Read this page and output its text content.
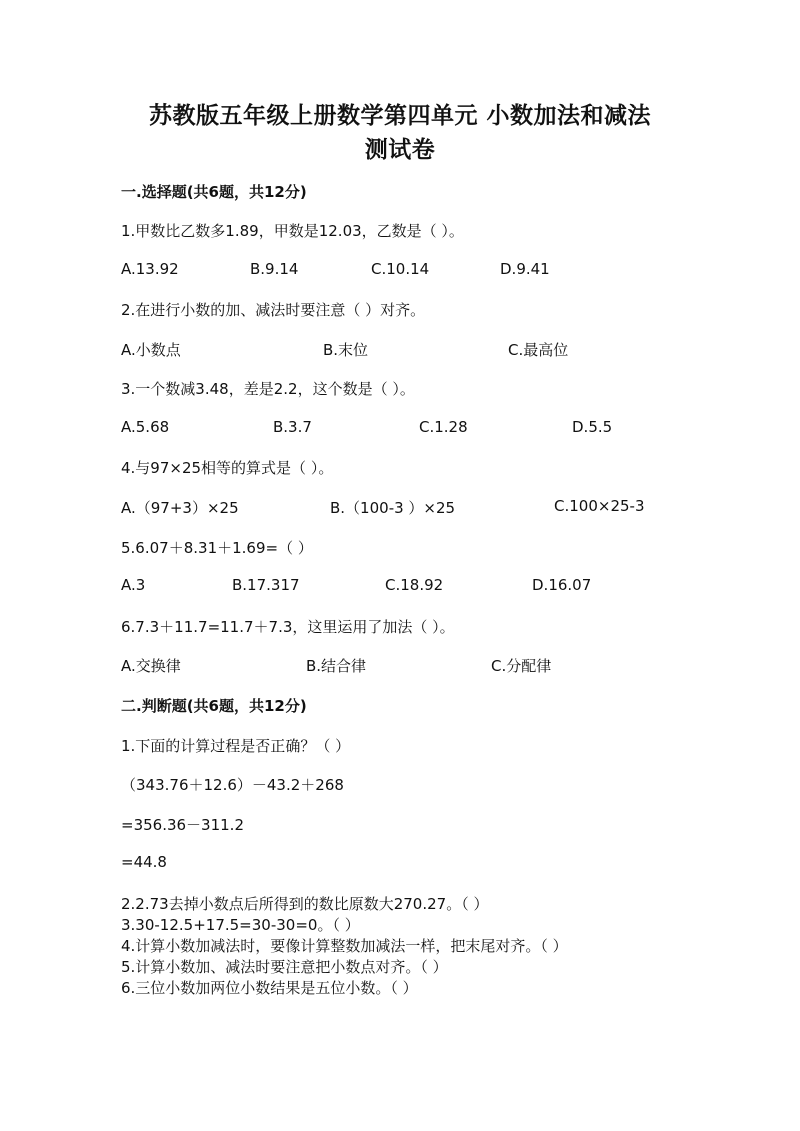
苏教版五年级上册数学第四单元 小数加法和减法
测试卷
一.选择题(共6题，共12分)
1.甲数比乙数多1.89，甲数是12.03，乙数是（ ）。
A.13.92	B.9.14	C.10.14	D.9.41
2.在进行小数的加、减法时要注意（ ）对齐。
A.小数点	B.末位	C.最高位
3.一个数减3.48，差是2.2，这个数是（ ）。
A.5.68	B.3.7	C.1.28	D.5.5
4.与97×25相等的算式是（ ）。
A.（97+3）×25	B.（100-3 ）×25	C.100×25-3
5.6.07＋8.31＋1.69=（ ）
A.3	B.17.317	C.18.92	D.16.07
6.7.3＋11.7=11.7＋7.3，这里运用了加法（ ）。
A.交换律	B.结合律	C.分配律
二.判断题(共6题，共12分)
1.下面的计算过程是否正确？（ ）
（343.76＋12.6）－43.2＋268
=356.36－311.2
=44.8
2.2.73去掉小数点后所得到的数比原数大270.27。（ ）
3.30-12.5+17.5=30-30=0。（ ）
4.计算小数加减法时，要像计算整数加减法一样，把末尾对齐。（ ）
5.计算小数加、减法时要注意把小数点对齐。（ ）
6.三位小数加两位小数结果是五位小数。（ ）
